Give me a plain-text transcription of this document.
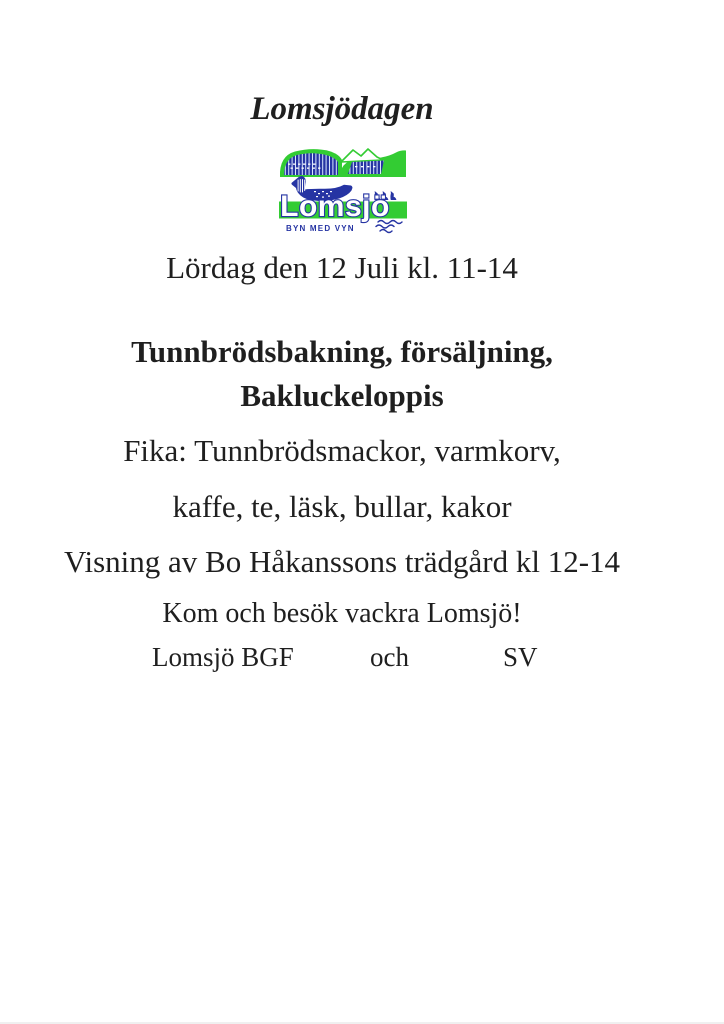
Lomsjödagen
Lomsjö
BYN MED VYN
Lördag den 12 Juli kl. 11-14
Tunnbrödsbakning, försäljning,
Bakluckeloppis
Fika: Tunnbrödsmackor, varmkorv,
kaffe, te, läsk, bullar, kakor
Visning av Bo Håkanssons trädgård kl 12-14
Kom och besök vackra Lomsjö!
Lomsjö BGF	och	SV
